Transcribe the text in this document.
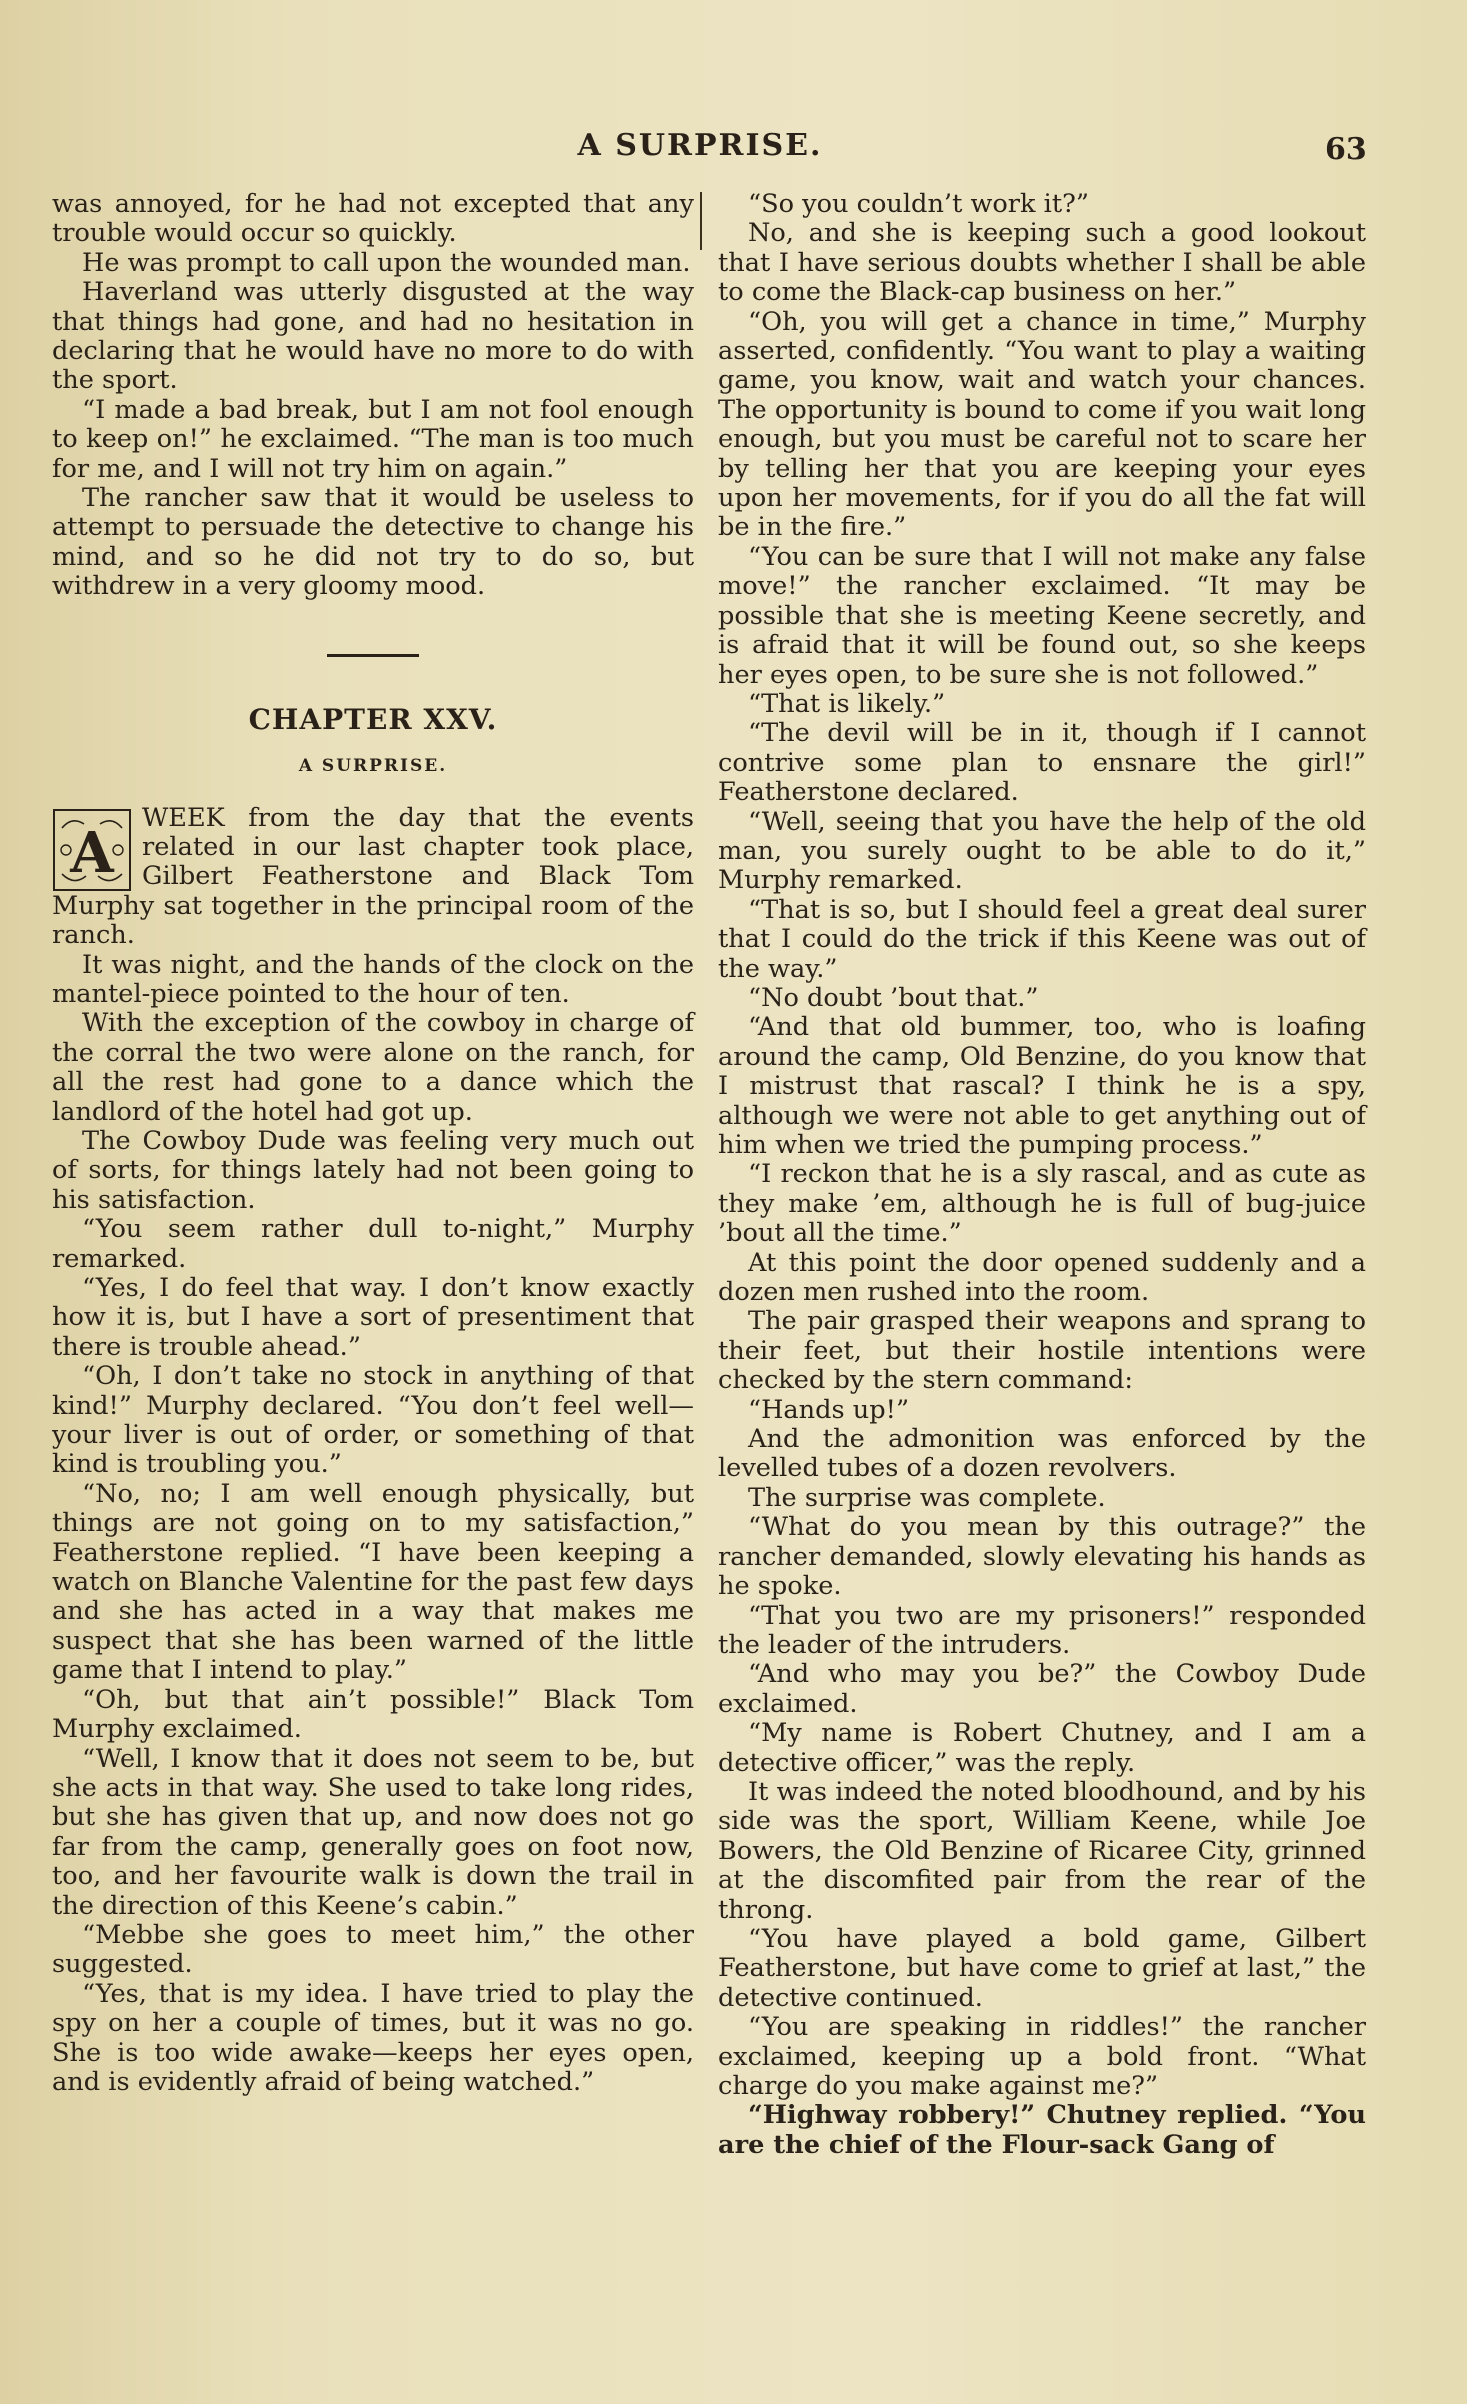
A SURPRISE.	63

was annoyed, for he had not excepted that any trouble would occur so quickly.

He was prompt to call upon the wounded man.

Haverland was utterly disgusted at the way that things had gone, and had no hesitation in declaring that he would have no more to do with the sport.

“I made a bad break, but I am not fool enough to keep on!” he exclaimed. “The man is too much for me, and I will not try him on again.”

The rancher saw that it would be useless to attempt to persuade the detective to change his mind, and so he did not try to do so, but withdrew in a very gloomy mood.

CHAPTER XXV.
A SURPRISE.

A
WEEK from the day that the events related in our last chapter took place, Gilbert Featherstone and Black Tom Murphy sat together in the principal room of the ranch.

It was night, and the hands of the clock on the mantel-piece pointed to the hour of ten.

With the exception of the cowboy in charge of the corral the two were alone on the ranch, for all the rest had gone to a dance which the landlord of the hotel had got up.

The Cowboy Dude was feeling very much out of sorts, for things lately had not been going to his satisfaction.

“You seem rather dull to-night,” Murphy remarked.

“Yes, I do feel that way. I don’t know exactly how it is, but I have a sort of presentiment that there is trouble ahead.”

“Oh, I don’t take no stock in anything of that kind!” Murphy declared. “You don’t feel well—your liver is out of order, or something of that kind is troubling you.”

“No, no; I am well enough physically, but things are not going on to my satisfaction,” Featherstone replied. “I have been keeping a watch on Blanche Valentine for the past few days and she has acted in a way that makes me suspect that she has been warned of the little game that I intend to play.”

“Oh, but that ain’t possible!” Black Tom Murphy exclaimed.

“Well, I know that it does not seem to be, but she acts in that way. She used to take long rides, but she has given that up, and now does not go far from the camp, generally goes on foot now, too, and her favourite walk is down the trail in the direction of this Keene’s cabin.”

“Mebbe she goes to meet him,” the other suggested.

“Yes, that is my idea. I have tried to play the spy on her a couple of times, but it was no go. She is too wide awake—keeps her eyes open, and is evidently afraid of being watched.”

“So you couldn’t work it?”

No, and she is keeping such a good lookout that I have serious doubts whether I shall be able to come the Black-cap business on her.”

“Oh, you will get a chance in time,” Murphy asserted, confidently. “You want to play a waiting game, you know, wait and watch your chances. The opportunity is bound to come if you wait long enough, but you must be careful not to scare her by telling her that you are keeping your eyes upon her movements, for if you do all the fat will be in the fire.”

“You can be sure that I will not make any false move!” the rancher exclaimed. “It may be possible that she is meeting Keene secretly, and is afraid that it will be found out, so she keeps her eyes open, to be sure she is not followed.”

“That is likely.”

“The devil will be in it, though if I cannot contrive some plan to ensnare the girl!” Featherstone declared.

“Well, seeing that you have the help of the old man, you surely ought to be able to do it,” Murphy remarked.

“That is so, but I should feel a great deal surer that I could do the trick if this Keene was out of the way.”

“No doubt ’bout that.”

“And that old bummer, too, who is loafing around the camp, Old Benzine, do you know that I mistrust that rascal? I think he is a spy, although we were not able to get anything out of him when we tried the pumping process.”

“I reckon that he is a sly rascal, and as cute as they make ’em, although he is full of bug-juice ’bout all the time.”

At this point the door opened suddenly and a dozen men rushed into the room.

The pair grasped their weapons and sprang to their feet, but their hostile intentions were checked by the stern command:

“Hands up!”

And the admonition was enforced by the levelled tubes of a dozen revolvers.

The surprise was complete.

“What do you mean by this outrage?” the rancher demanded, slowly elevating his hands as he spoke.

“That you two are my prisoners!” responded the leader of the intruders.

“And who may you be?” the Cowboy Dude exclaimed.

“My name is Robert Chutney, and I am a detective officer,” was the reply.

It was indeed the noted bloodhound, and by his side was the sport, William Keene, while Joe Bowers, the Old Benzine of Ricaree City, grinned at the discomfited pair from the rear of the throng.

“You have played a bold game, Gilbert Featherstone, but have come to grief at last,” the detective continued.

“You are speaking in riddles!” the rancher exclaimed, keeping up a bold front. “What charge do you make against me?”

“Highway robbery!” Chutney replied. “You are the chief of the Flour-sack Gang of
